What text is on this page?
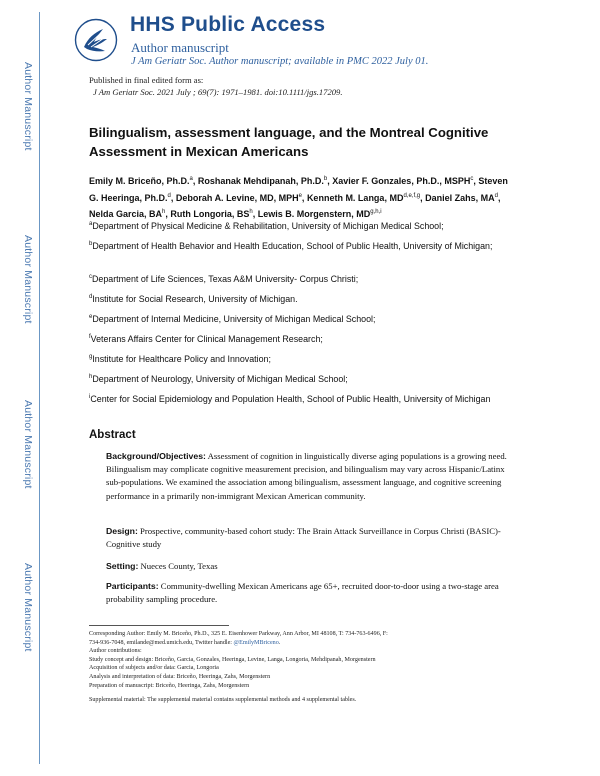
Author Manuscript
Author Manuscript
Author Manuscript
Author Manuscript
HHS Public Access
Author manuscript
J Am Geriatr Soc. Author manuscript; available in PMC 2022 July 01.
Published in final edited form as:
J Am Geriatr Soc. 2021 July ; 69(7): 1971–1981. doi:10.1111/jgs.17209.
Bilingualism, assessment language, and the Montreal Cognitive Assessment in Mexican Americans
Emily M. Briceño, Ph.D.$^a$, Roshanak Mehdipanah, Ph.D.$^b$, Xavier F. Gonzales, Ph.D., MSPH$^c$, Steven G. Heeringa, Ph.D.$^d$, Deborah A. Levine, MD, MPH$^e$, Kenneth M. Langa, MD$^{d,e,f,g}$, Daniel Zahs, $MA^d$, Nelda Garcia, $BA^h$, Ruth Longoria, $BS^h$, Lewis B. Morgenstern, MD$^{g,h,i}$
$^a$Department of Physical Medicine & Rehabilitation, University of Michigan Medical School;
$^b$Department of Health Behavior and Health Education, School of Public Health, University of Michigan;
$^c$Department of Life Sciences, Texas A&M University- Corpus Christi;
$^d$Institute for Social Research, University of Michigan.
$^e$Department of Internal Medicine, University of Michigan Medical School;
$^f$Veterans Affairs Center for Clinical Management Research;
$^g$Institute for Healthcare Policy and Innovation;
$^h$Department of Neurology, University of Michigan Medical School;
$^i$Center for Social Epidemiology and Population Health, School of Public Health, University of Michigan
Abstract
Background/Objectives: Assessment of cognition in linguistically diverse aging populations is a growing need. Bilingualism may complicate cognitive measurement precision, and bilingualism may vary across Hispanic/Latinx sub-populations. We examined the association among bilingualism, assessment language, and cognitive screening performance in a primarily non-immigrant Mexican American community.
Design: Prospective, community-based cohort study: The Brain Attack Surveillance in Corpus Christi (BASIC)-Cognitive study
Setting: Nueces County, Texas
Participants: Community-dwelling Mexican Americans age 65+, recruited door-to-door using a two-stage area probability sampling procedure.
Corresponding Author: Emily M. Briceño, Ph.D., 325 E. Eisenhower Parkway, Ann Arbor, MI 48108, T: 734-763-6496, F:
734-936-7048, emilande@med.umich.edu, Twitter handle: @EmilyMBriceno.
Author contributions:
Study concept and design: Briceño, Garcia, Gonzales, Heeringa, Levine, Langa, Longoria, Mehdipanah, Morgenstern
Acquisition of subjects and/or data: Garcia, Longoria
Analysis and interpretation of data: Briceño, Heeringa, Zahs, Morgenstern
Preparation of manuscript: Briceño, Heeringa, Zahs, Morgenstern
Supplemental material: The supplemental material contains supplemental methods and 4 supplemental tables.
